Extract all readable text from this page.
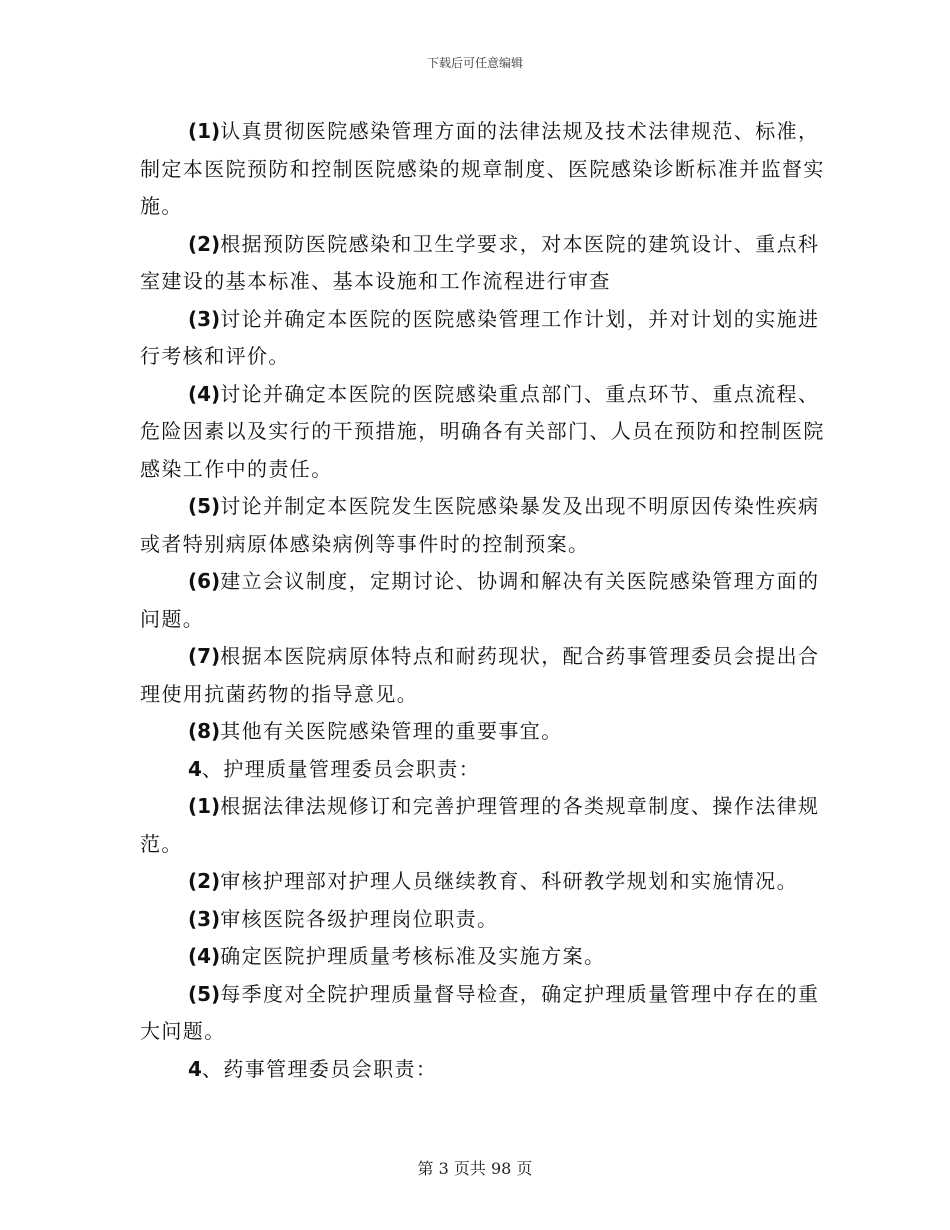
下载后可任意编辑

(1)认真贯彻医院感染管理方面的法律法规及技术法律规范、标准，制定本医院预防和控制医院感染的规章制度、医院感染诊断标准并监督实施。

(2)根据预防医院感染和卫生学要求，对本医院的建筑设计、重点科室建设的基本标准、基本设施和工作流程进行审查

(3)讨论并确定本医院的医院感染管理工作计划，并对计划的实施进行考核和评价。

(4)讨论并确定本医院的医院感染重点部门、重点环节、重点流程、危险因素以及实行的干预措施，明确各有关部门、人员在预防和控制医院感染工作中的责任。

(5)讨论并制定本医院发生医院感染暴发及出现不明原因传染性疾病或者特别病原体感染病例等事件时的控制预案。

(6)建立会议制度，定期讨论、协调和解决有关医院感染管理方面的问题。

(7)根据本医院病原体特点和耐药现状，配合药事管理委员会提出合理使用抗菌药物的指导意见。

(8)其他有关医院感染管理的重要事宜。

4、护理质量管理委员会职责：

(1)根据法律法规修订和完善护理管理的各类规章制度、操作法律规范。

(2)审核护理部对护理人员继续教育、科研教学规划和实施情况。

(3)审核医院各级护理岗位职责。

(4)确定医院护理质量考核标准及实施方案。

(5)每季度对全院护理质量督导检查，确定护理质量管理中存在的重大问题。

4、药事管理委员会职责：

第 3 页共 98 页
